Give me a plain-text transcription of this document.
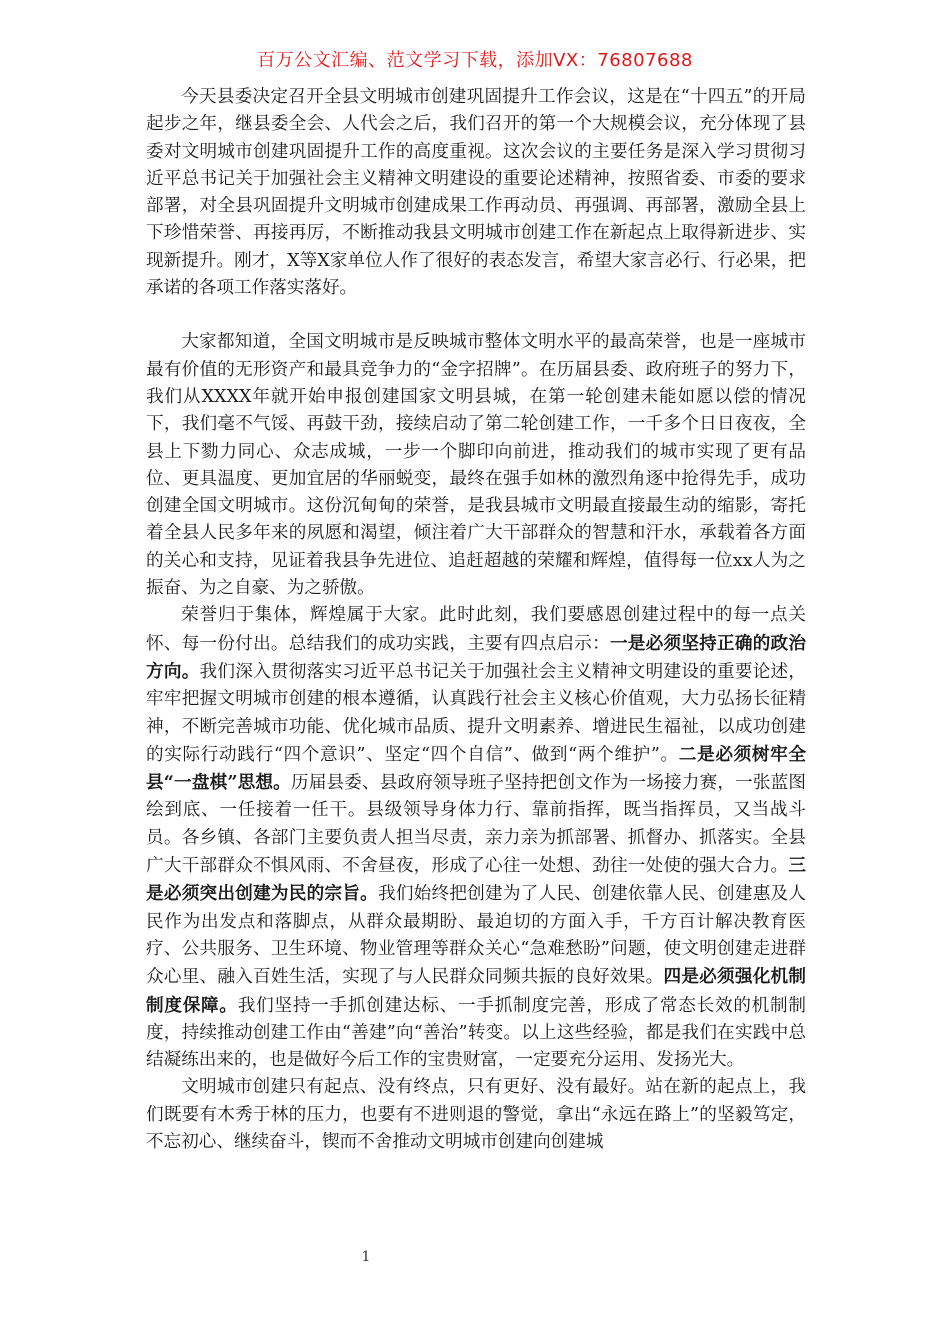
百万公文汇编、范文学习下载，添加VX：76807688

今天县委决定召开全县文明城市创建巩固提升工作会议，这是在“十四五”的开局起步之年，继县委全会、人代会之后，我们召开的第一个大规模会议，充分体现了县委对文明城市创建巩固提升工作的高度重视。这次会议的主要任务是深入学习贯彻习近平总书记关于加强社会主义精神文明建设的重要论述精神，按照省委、市委的要求部署，对全县巩固提升文明城市创建成果工作再动员、再强调、再部署，激励全县上下珍惜荣誉、再接再厉，不断推动我县文明城市创建工作在新起点上取得新进步、实现新提升。刚才，X等X家单位人作了很好的表态发言，希望大家言必行、行必果，把承诺的各项工作落实落好。

大家都知道，全国文明城市是反映城市整体文明水平的最高荣誉，也是一座城市最有价值的无形资产和最具竞争力的“金字招牌”。在历届县委、政府班子的努力下，我们从XXXX年就开始申报创建国家文明县城，在第一轮创建未能如愿以偿的情况下，我们毫不气馁、再鼓干劲，接续启动了第二轮创建工作，一千多个日日夜夜，全县上下勠力同心、众志成城，一步一个脚印向前进，推动我们的城市实现了更有品位、更具温度、更加宜居的华丽蜕变，最终在强手如林的激烈角逐中抢得先手，成功创建全国文明城市。这份沉甸甸的荣誉，是我县城市文明最直接最生动的缩影，寄托着全县人民多年来的夙愿和渴望，倾注着广大干部群众的智慧和汗水，承载着各方面的关心和支持，见证着我县争先进位、追赶超越的荣耀和辉煌，值得每一位xx人为之振奋、为之自豪、为之骄傲。

荣誉归于集体，辉煌属于大家。此时此刻，我们要感恩创建过程中的每一点关怀、每一份付出。总结我们的成功实践，主要有四点启示：一是必须坚持正确的政治方向。我们深入贯彻落实习近平总书记关于加强社会主义精神文明建设的重要论述，牢牢把握文明城市创建的根本遵循，认真践行社会主义核心价值观，大力弘扬长征精神，不断完善城市功能、优化城市品质、提升文明素养、增进民生福祉，以成功创建的实际行动践行“四个意识”、坚定“四个自信”、做到“两个维护”。二是必须树牢全县“一盘棋”思想。历届县委、县政府领导班子坚持把创文作为一场接力赛，一张蓝图绘到底、一任接着一任干。县级领导身体力行、靠前指挥，既当指挥员，又当战斗员。各乡镇、各部门主要负责人担当尽责，亲力亲为抓部署、抓督办、抓落实。全县广大干部群众不惧风雨、不舍昼夜，形成了心往一处想、劲往一处使的强大合力。三是必须突出创建为民的宗旨。我们始终把创建为了人民、创建依靠人民、创建惠及人民作为出发点和落脚点，从群众最期盼、最迫切的方面入手，千方百计解决教育医疗、公共服务、卫生环境、物业管理等群众关心“急难愁盼”问题，使文明创建走进群众心里、融入百姓生活，实现了与人民群众同频共振的良好效果。四是必须强化机制制度保障。我们坚持一手抓创建达标、一手抓制度完善，形成了常态长效的机制制度，持续推动创建工作由“善建”向“善治”转变。以上这些经验，都是我们在实践中总结凝练出来的，也是做好今后工作的宝贵财富，一定要充分运用、发扬光大。

文明城市创建只有起点、没有终点，只有更好、没有最好。站在新的起点上，我们既要有木秀于林的压力，也要有不进则退的警觉，拿出“永远在路上”的坚毅笃定，不忘初心、继续奋斗，锲而不舍推动文明城市创建向创建城

1
